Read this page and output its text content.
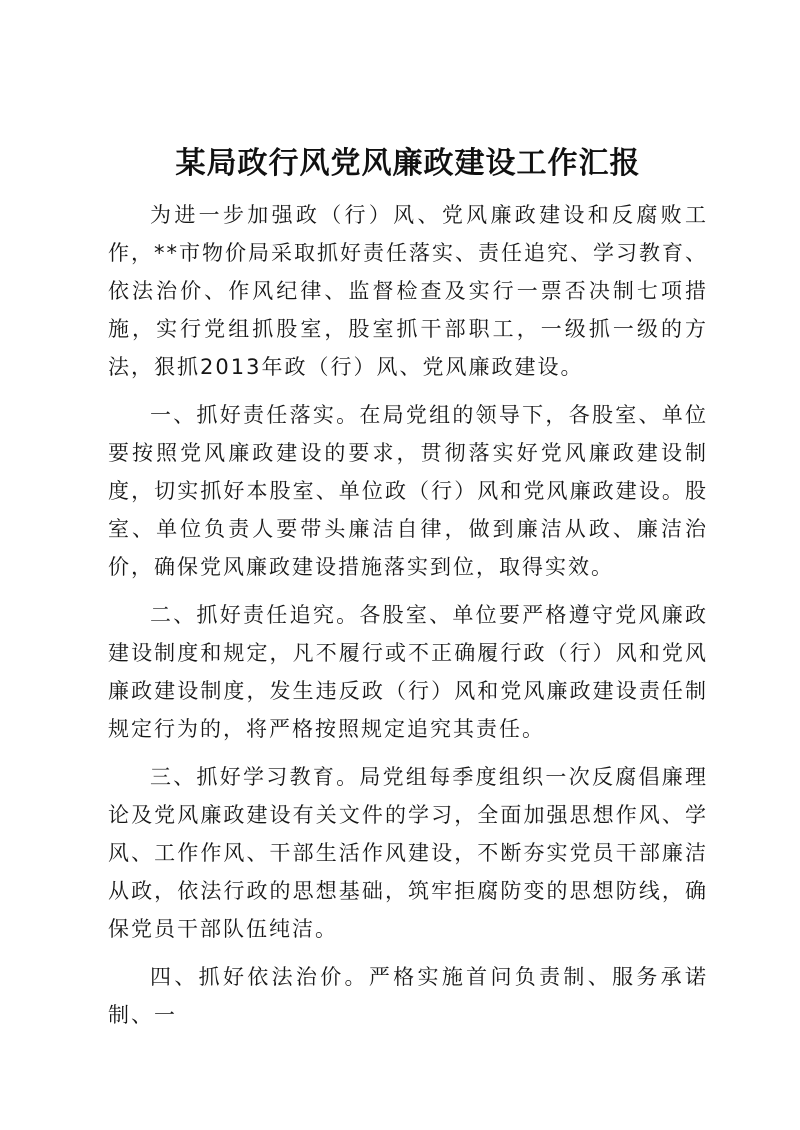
某局政行风党风廉政建设工作汇报

为进一步加强政（行）风、党风廉政建设和反腐败工作，**市物价局采取抓好责任落实、责任追究、学习教育、依法治价、作风纪律、监督检查及实行一票否决制七项措施，实行党组抓股室，股室抓干部职工，一级抓一级的方法，狠抓2013年政（行）风、党风廉政建设。

一、抓好责任落实。在局党组的领导下，各股室、单位要按照党风廉政建设的要求，贯彻落实好党风廉政建设制度，切实抓好本股室、单位政（行）风和党风廉政建设。股室、单位负责人要带头廉洁自律，做到廉洁从政、廉洁治价，确保党风廉政建设措施落实到位，取得实效。

二、抓好责任追究。各股室、单位要严格遵守党风廉政建设制度和规定，凡不履行或不正确履行政（行）风和党风廉政建设制度，发生违反政（行）风和党风廉政建设责任制规定行为的，将严格按照规定追究其责任。

三、抓好学习教育。局党组每季度组织一次反腐倡廉理论及党风廉政建设有关文件的学习，全面加强思想作风、学风、工作作风、干部生活作风建设，不断夯实党员干部廉洁从政，依法行政的思想基础，筑牢拒腐防变的思想防线，确保党员干部队伍纯洁。

四、抓好依法治价。严格实施首问负责制、服务承诺制、一
